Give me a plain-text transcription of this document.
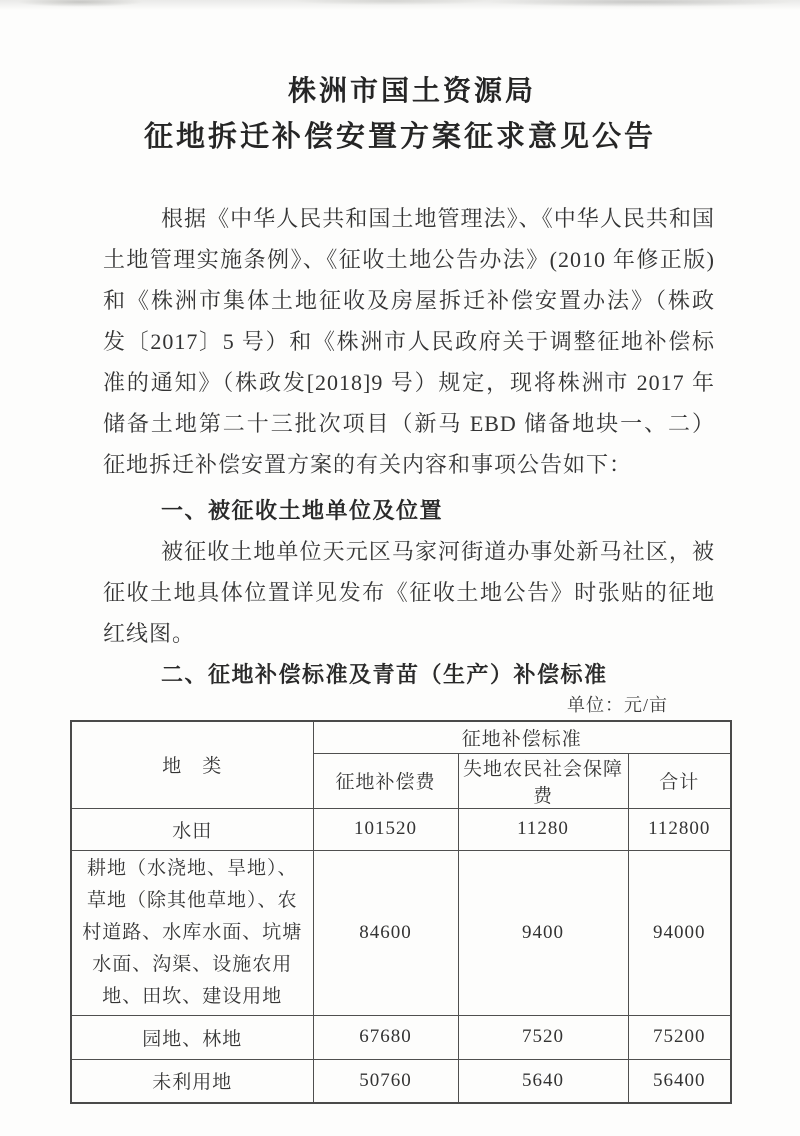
株洲市国土资源局
征地拆迁补偿安置方案征求意见公告
根据《中华人民共和国土地管理法》、《中华人民共和国
土地管理实施条例》、《征收土地公告办法》(2010 年修正版)
和《株洲市集体土地征收及房屋拆迁补偿安置办法》（株政
发〔2017〕5 号）和《株洲市人民政府关于调整征地补偿标
准的通知》（株政发[2018]9 号）规定，现将株洲市 2017 年
储备土地第二十三批次项目（新马 EBD 储备地块一、二）
征地拆迁补偿安置方案的有关内容和事项公告如下：
一、被征收土地单位及位置
被征收土地单位天元区马家河街道办事处新马社区，被
征收土地具体位置详见发布《征收土地公告》时张贴的征地
红线图。
二、征地补偿标准及青苗（生产）补偿标准
单位：元/亩
地　类	征地补偿标准		
	征地补偿费	失地农民社会保障费	合计
水田	101520	11280	112800
耕地（水浇地、旱地）、草地（除其他草地）、农村道路、水库水面、坑塘水面、沟渠、设施农用地、田坎、建设用地	84600	9400	94000
园地、林地	67680	7520	75200
未利用地	50760	5640	56400
